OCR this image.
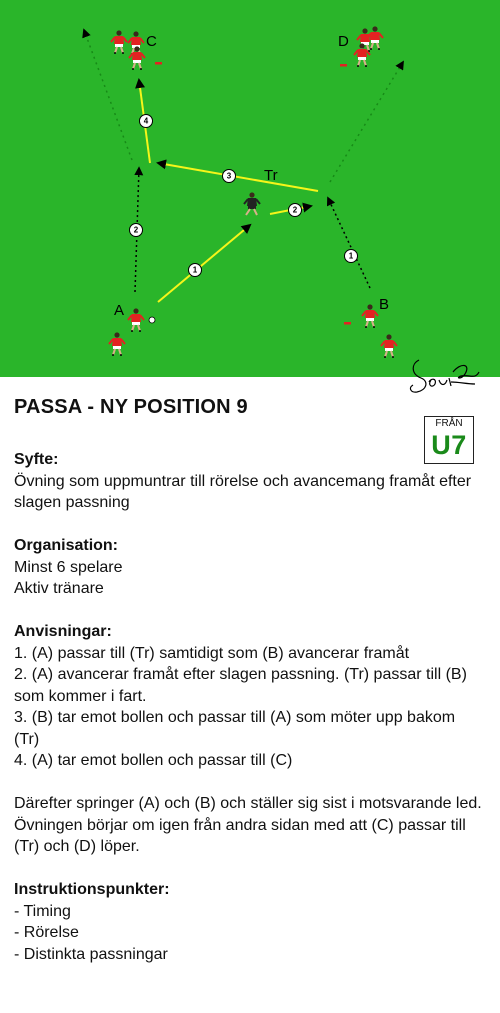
1
2
3
4
2
1
C	D
Tr
A	B
PASSA - NY POSITION 9
FRÅN
U7
Syfte:
Övning som uppmuntrar till rörelse och avancemang framåt efter slagen passning
Organisation:
Minst 6 spelare
Aktiv tränare
Anvisningar:
1. (A) passar till (Tr) samtidigt som (B) avancerar framåt
2. (A) avancerar framåt efter slagen passning. (Tr) passar till (B) som kommer i fart.
3. (B) tar emot bollen och passar till (A) som möter upp bakom (Tr)
4. (A) tar emot bollen och passar till (C)
Därefter springer (A) och (B) och ställer sig sist i motsvarande led.
Övningen börjar om igen från andra sidan med att (C) passar till (Tr) och (D) löper.
Instruktionspunkter:
- Timing
- Rörelse
- Distinkta passningar
